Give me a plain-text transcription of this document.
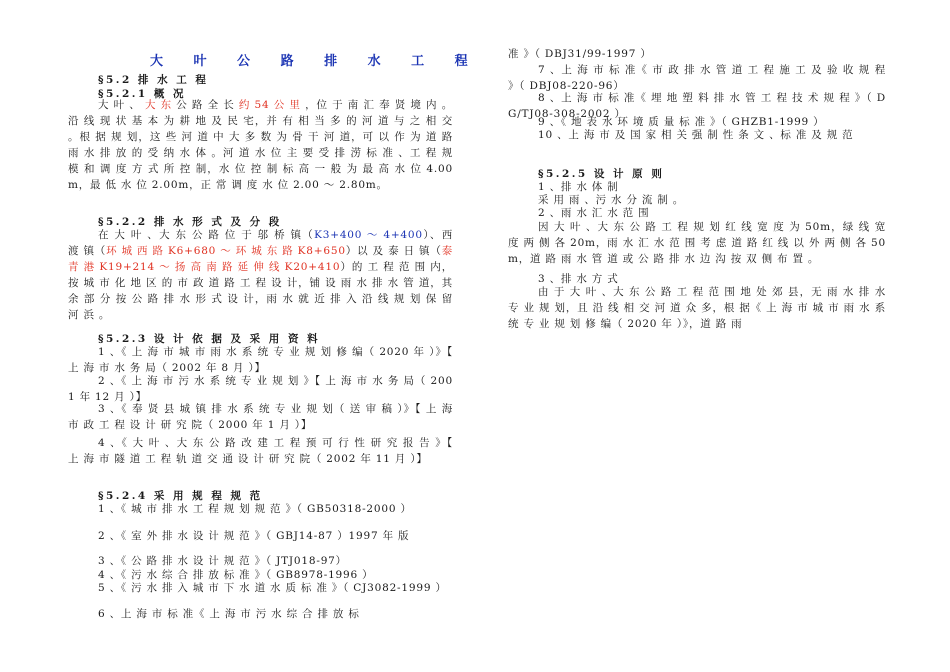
大 叶 公 路 排 水 工 程
§5.2 排 水 工 程
§5.2.1 概 况
大 叶 、 大 东 公 路 全 长 约 54 公 里 ，位 于 南 汇 奉 贤 境 内 。沿 线 现 状 基 本 为 耕 地 及 民 宅，并 有 相 当 多 的 河 道 与 之 相 交 。根 据 规 划，这 些 河 道 中 大 多 数 为 骨 干 河 道，可 以 作 为 道 路 雨 水 排 放 的 受 纳 水 体 。河 道 水 位 主 要 受 排 涝 标 准 、工 程 规 模 和 调 度 方 式 所 控 制，水 位 控 制 标 高 一 般 为 最 高 水 位 4.00m，最 低 水 位 2.00m，正 常 调 度 水 位 2.00 ～ 2.80m。
§5.2.2 排 水 形 式 及 分 段
在 大 叶 、大 东 公 路 位 于 邬 桥 镇（K3+400 ～ 4+400）、西 渡 镇（环 城 西 路 K6+680 ～ 环 城 东 路 K8+650）以 及 泰 日 镇（泰 青 港 K19+214 ～ 扬 高 南 路 延 伸 线 K20+410）的 工 程 范 围 内，按 城 市 化 地 区 的 市 政 道 路 工 程 设 计，铺 设 雨 水 排 水 管 道，其 余 部 分 按 公 路 排 水 形 式 设 计，雨 水 就 近 排 入 沿 线 规 划 保 留 河 浜 。
§5.2.3 设 计 依 据 及 采 用 资 料
1 、《 上 海 市 城 市 雨 水 系 统 专 业 规 划 修 编（ 2020 年 ）》【 上 海 市 水 务 局（ 2002 年 8 月 ）】
2 、《 上 海 市 污 水 系 统 专 业 规 划 》【 上 海 市 水 务 局（ 2001 年 12 月 ）】
3 、《 奉 贤 县 城 镇 排 水 系 统 专 业 规 划（ 送 审 稿 ）》【 上 海 市 政 工 程 设 计 研 究 院（ 2000 年 1 月 ）】
4 、《 大 叶 、大 东 公 路 改 建 工 程 预 可 行 性 研 究 报 告 》【 上 海 市 隧 道 工 程 轨 道 交 通 设 计 研 究 院（ 2002 年 11 月 ）】
§5.2.4 采 用 规 程 规 范
1 、《 城 市 排 水 工 程 规 划 规 范 》（ GB50318-2000 ）
2 、《 室 外 排 水 设 计 规 范 》（ GBJ14-87 ）1997 年 版
3 、《 公 路 排 水 设 计 规 范 》（ JTJ018-97）
4 、《 污 水 综 合 排 放 标 准 》（ GB8978-1996 ）
5 、《 污 水 排 入 城 市 下 水 道 水 质 标 准 》（ CJ3082-1999 ）
6 、上 海 市 标 准《 上 海 市 污 水 综 合 排 放 标
准 》（ DBJ31/99-1997 ）
7 、上 海 市 标 准《 市 政 排 水 管 道 工 程 施 工 及 验 收 规 程 》（ DBJ08-220-96）
8 、上 海 市 标 准《 埋 地 塑 料 排 水 管 工 程 技 术 规 程 》（ DG/TJ08-308-2002 ）
9 、《 地 表 水 环 境 质 量 标 准 》（ GHZB1-1999 ）
10 、上 海 市 及 国 家 相 关 强 制 性 条 文 、标 准 及 规 范
§5.2.5 设 计 原 则
1 、排 水 体 制
采 用 雨 、污 水 分 流 制 。
2 、雨 水 汇 水 范 围
因 大 叶 、大 东 公 路 工 程 规 划 红 线 宽 度 为 50m，绿 线 宽 度 两 侧 各 20m，雨 水 汇 水 范 围 考 虑 道 路 红 线 以 外 两 侧 各 50m，道 路 雨 水 管 道 或 公 路 排 水 边 沟 按 双 侧 布 置 。
3 、排 水 方 式
由 于 大 叶 、大 东 公 路 工 程 范 围 地 处 郊 县，无 雨 水 排 水 专 业 规 划，且 沿 线 相 交 河 道 众 多，根 据《 上 海 市 城 市 雨 水 系 统 专 业 规 划 修 编（ 2020 年 ）》，道 路 雨
